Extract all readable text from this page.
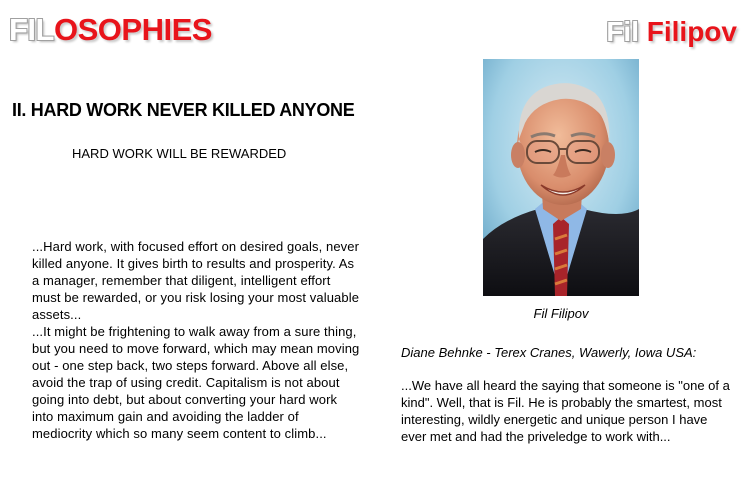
FILOSOPHIES	Fil Filipov
II. HARD WORK NEVER KILLED ANYONE
HARD WORK WILL BE REWARDED

...Hard work, with focused effort on desired goals, never killed anyone. It gives birth to results and prosperity. As a manager, remember that diligent, intelligent effort must be rewarded, or you risk losing your most valuable assets...

...It might be frightening to walk away from a sure thing, but you need to move forward, which may mean moving out - one step back, two steps forward. Above all else, avoid the trap of using credit. Capitalism is not about going into debt, but about converting your hard work into maximum gain and avoiding the ladder of mediocrity which so many seem content to climb...

Fil Filipov
Diane Behnke - Terex Cranes, Wawerly, Iowa USA:
...We have all heard the saying that someone is "one of a kind". Well, that is Fil. He is probably the smartest, most interesting, wildly energetic and unique person I have ever met and had the priveledge to work with...
